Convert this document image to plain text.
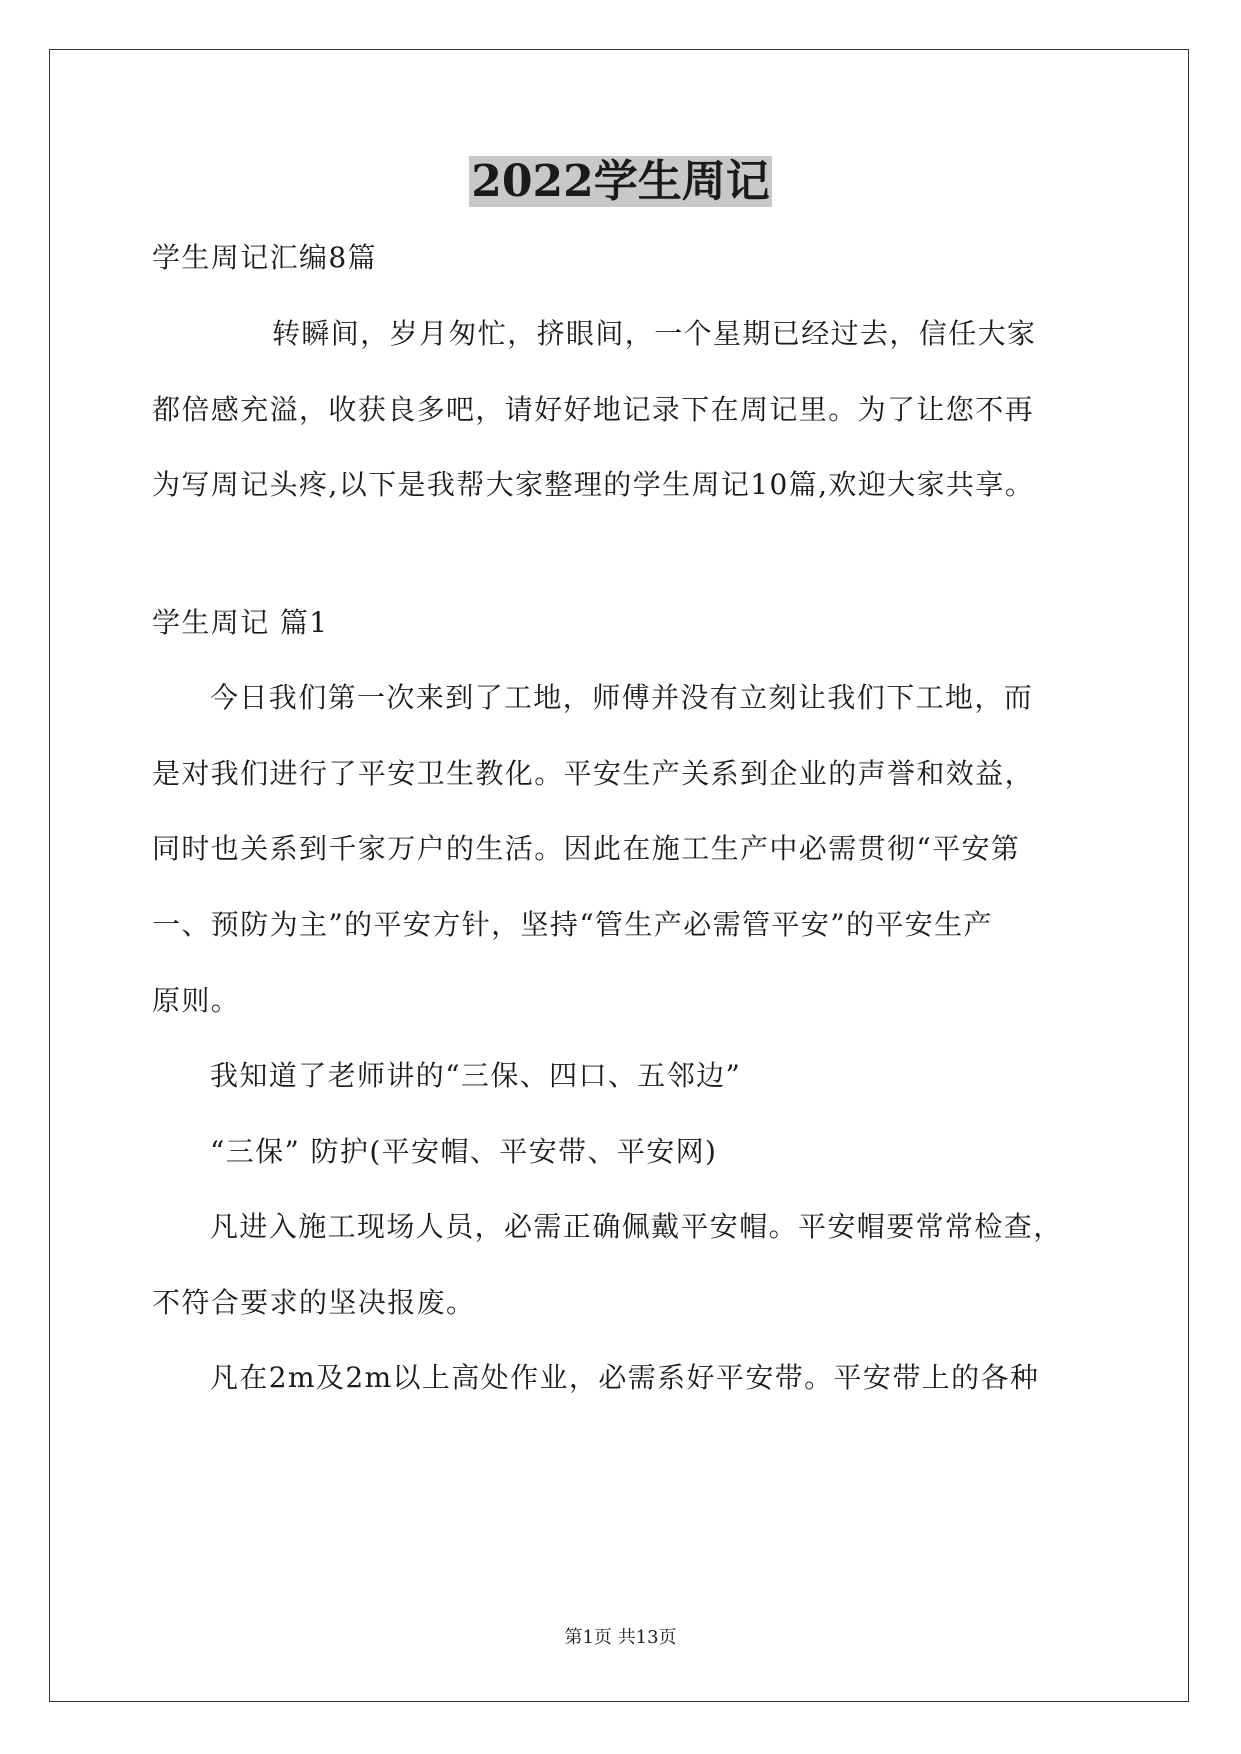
2022学生周记
学生周记汇编8篇
转瞬间，岁月匆忙，挤眼间，一个星期已经过去，信任大家
都倍感充溢，收获良多吧，请好好地记录下在周记里。为了让您不再
为写周记头疼,以下是我帮大家整理的学生周记10篇,欢迎大家共享。
学生周记 篇1
今日我们第一次来到了工地，师傅并没有立刻让我们下工地，而
是对我们进行了平安卫生教化。平安生产关系到企业的声誉和效益，
同时也关系到千家万户的生活。因此在施工生产中必需贯彻“平安第
一、预防为主”的平安方针，坚持“管生产必需管平安”的平安生产
原则。
我知道了老师讲的“三保、四口、五邻边”
“三保” 防护(平安帽、平安带、平安网)
凡进入施工现场人员，必需正确佩戴平安帽。平安帽要常常检查，
不符合要求的坚决报废。
凡在2m及2m以上高处作业，必需系好平安带。平安带上的各种
第1页 共13页
